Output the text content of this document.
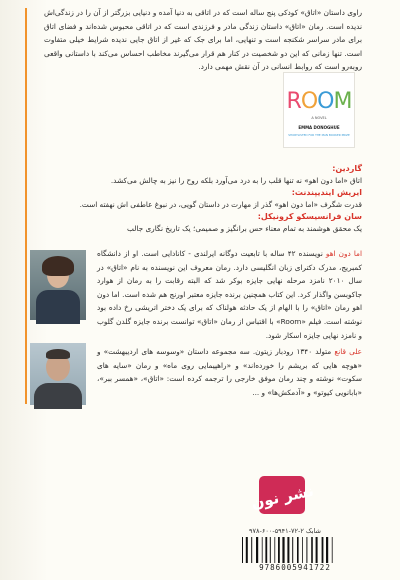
راوی داستان «اتاق» کودکی پنج ساله است که در اتاقی به دنیا آمده و دنیایی بزرگتر از آن را در زندگی‌اش ندیده است. رمان «اتاق» داستان زندگی مادر و فرزندی است که در اتاقی محبوس شده‌اند و فضای اتاق برای مادر سراسر شکنجه است و تنهایی، اما برای جک که غیر از اتاق جایی ندیده شرایط خیلی متفاوت است. تنها زمانی که این دو شخصیت در کنار هم قرار می‌گیرند مخاطب احساس می‌کند با داستانی واقعی روبه‌رو است که روابط انسانی در آن نقش مهمی دارد.
ROOM
A NOVEL
EMMA DONOGHUE
SHORTLISTED FOR THE MAN BOOKER PRIZE
گاردین:
اتاق «اما دون اهو» نه تنها قلب را به درد می‌آورد بلکه روح را نیز به چالش می‌کشد.
ایریش ایندیپندنت:
قدرت شگرف «اما دون اهو» گذر از مهارت در داستان گویی، در نبوغ عاطفی اش نهفته است.
سان فرانسیسکو کرونیکل:
یک محقق هوشمند به تمام معناء حس برانگیز و صمیمی؛ یک تاریخ نگاری جالب
اما دون اهو نویسنده ۴۲ ساله با تابعیت دوگانه ایرلندی - کانادایی است. او از دانشگاه کمبریج، مدرک دکترای زبان انگلیسی دارد. رمان معروف این نویسنده به نام «اتاق» در سال ۲۰۱۰ نامزد مرحله نهایی جایزه بوکر شد که البته رقابت را به رمان از هوارد جاکوبسن واگذار کرد. این کتاب همچنین برنده جایزه معتبر اورنج هم شده است. اما دون اهو رمان «اتاق» را با الهام از یک حادثه هولناک که برای یک دختر اتریشی رخ داده بود نوشته است. فیلم «Room» با اقتباس از رمان «اتاق» توانست برنده جایزه گلدن گلوب و نامزد نهایی جایزه اسکار شود.
علی قانع متولد ۱۳۴۰ رودبار زیتون. سه مجموعه داستان «وسوسه های اردیبهشت» و «هوچه هایی که بریشم را خورده‌اند» و «راهپیمایی روی ماه» و رمان «سایه های سکوت» نوشته و چند رمان موفق خارجی را ترجمه کرده است: «اتاق»، «همسر ببر»، «بابانویی کیوتو» و «آدمکش‌ها» و ...
نشر نون
شابک ۲-۷۲-۵۹۴۱-۶۰۰-۹۷۸
9786005941722
